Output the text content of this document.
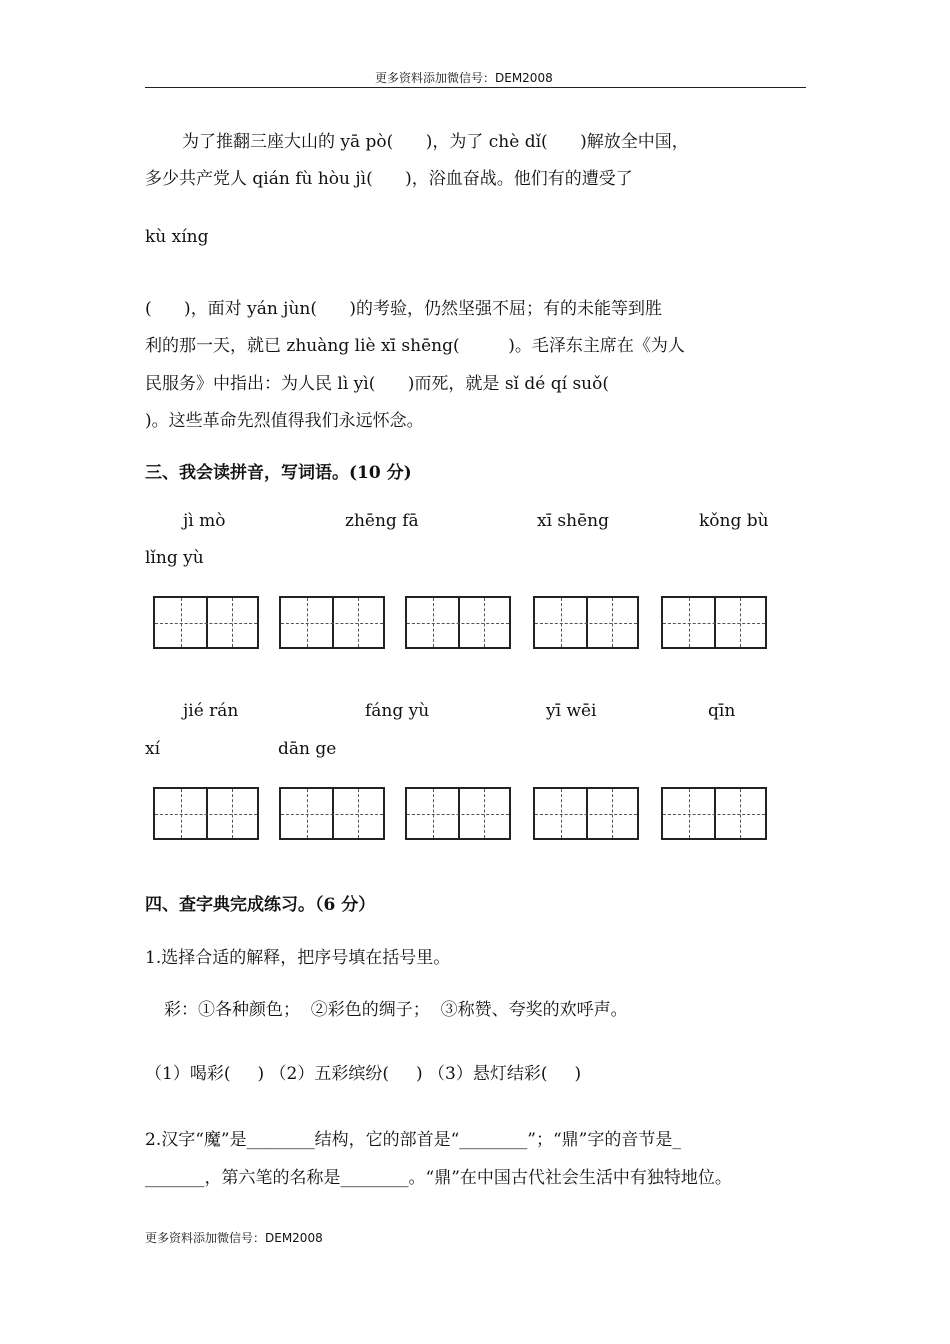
更多资料添加微信号：DEM2008
为了推翻三座大山的 yā pò(      )，为了 chè dǐ(      )解放全中国，
多少共产党人 qián fù hòu jì(      )，浴血奋战。他们有的遭受了
kù xíng
(      )，面对 yán jùn(      )的考验，仍然坚强不屈；有的未能等到胜
利的那一天，就已 zhuàng liè xī shēng(         )。毛泽东主席在《为人
民服务》中指出：为人民 lì yì(      )而死，就是 sǐ dé qí suǒ(
)。这些革命先烈值得我们永远怀念。
三、我会读拼音，写词语。(10 分)
jì mò	zhēng fā	xī shēng	kǒng bù
lǐng yù
jié rán	fáng yù	yī wēi	qīn
xí	dān ge
四、查字典完成练习。（6 分）
1.选择合适的解释，把序号填在括号里。
彩：①各种颜色；  ②彩色的绸子；  ③称赞、夸奖的欢呼声。
（1）喝彩(     ) （2）五彩缤纷(     ) （3）悬灯结彩(     )
2.汉字“魔”是________结构，它的部首是“________”；“鼎”字的音节是_
_______，第六笔的名称是________。“鼎”在中国古代社会生活中有独特地位。
更多资料添加微信号：DEM2008
